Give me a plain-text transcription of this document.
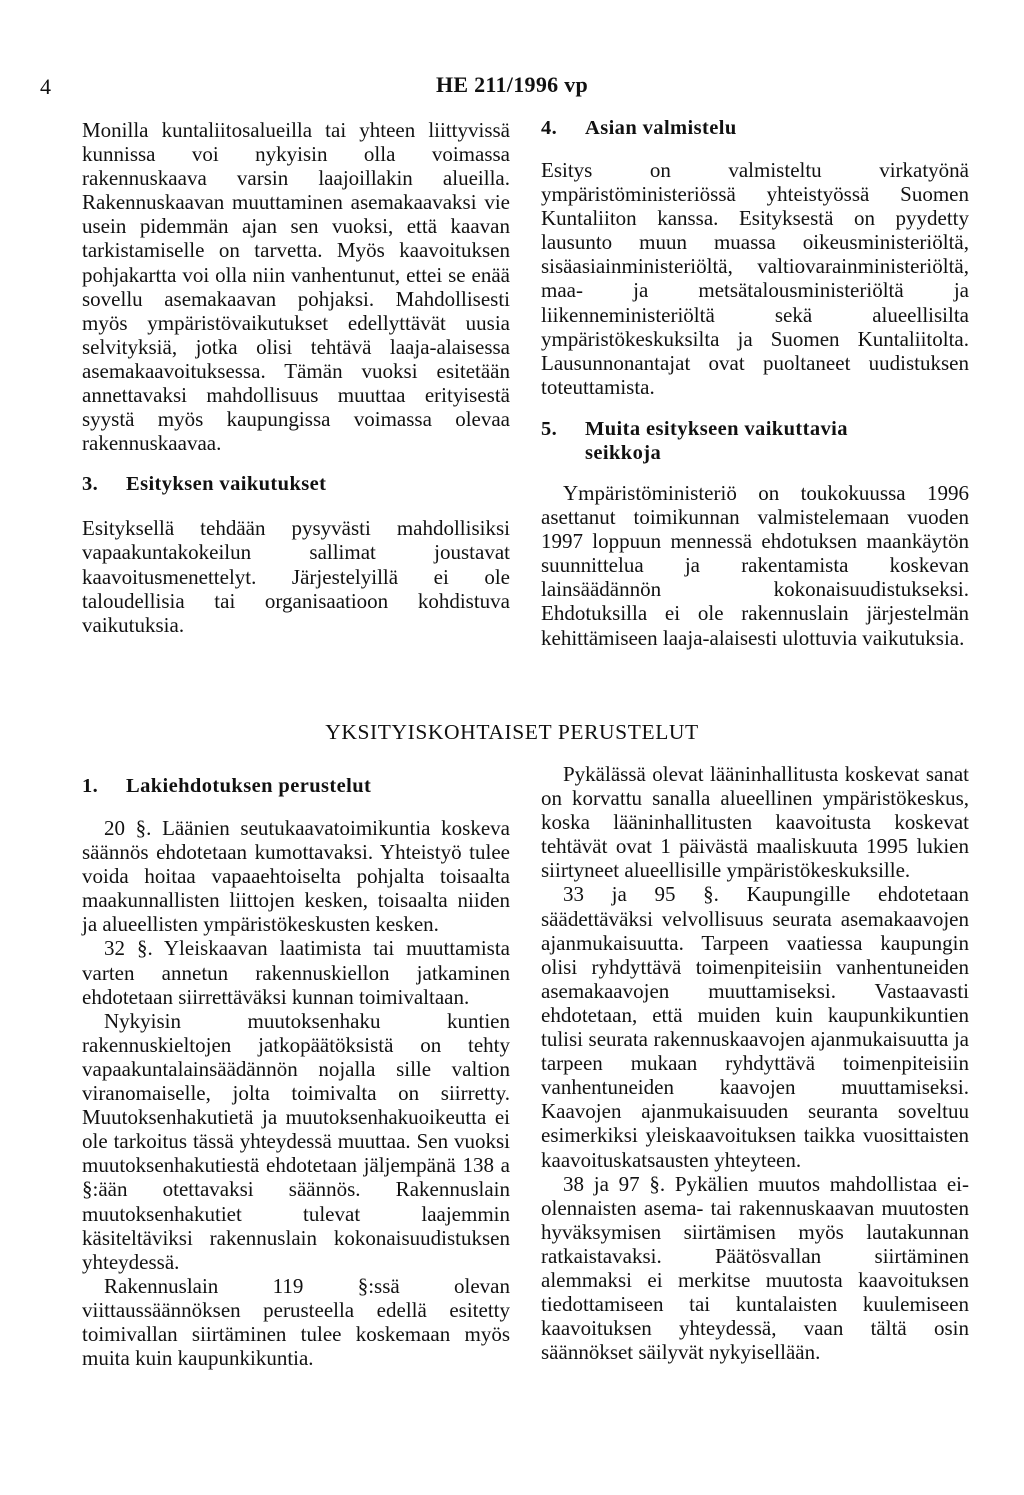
4	HE 211/1996 vp

Monilla kuntaliitosalueilla tai yhteen liittyvissä kunnissa voi nykyisin olla voimassa rakennuskaava varsin laajoillakin alueilla. Rakennuskaavan muuttaminen asemakaavaksi vie usein pidemmän ajan sen vuoksi, että kaavan tarkistamiselle on tarvetta. Myös kaavoituksen pohjakartta voi olla niin vanhentunut, ettei se enää sovellu asemakaavan pohjaksi. Mahdollisesti myös ympäristövaikutukset edellyttävät uusia selvityksiä, jotka olisi tehtävä laaja-alaisessa asemakaavoituksessa. Tämän vuoksi esitetään annettavaksi mahdollisuus muuttaa erityisestä syystä myös kaupungissa voimassa olevaa rakennuskaavaa.

3.	Esityksen vaikutukset

Esityksellä tehdään pysyvästi mahdollisiksi vapaakuntakokeilun sallimat joustavat kaavoitusmenettelyt. Järjestelyillä ei ole taloudellisia tai organisaatioon kohdistuva vaikutuksia.

4.	Asian valmistelu

Esitys on valmisteltu virkatyönä ympäristöministeriössä yhteistyössä Suomen Kuntaliiton kanssa. Esityksestä on pyydetty lausunto muun muassa oikeusministeriöltä, sisäasiainministeriöltä, valtiovarainministeriöltä, maa- ja metsätalousministeriöltä ja liikenneministeriöltä sekä alueellisilta ympäristökeskuksilta ja Suomen Kuntaliitolta. Lausunnonantajat ovat puoltaneet uudistuksen toteuttamista.

5.	Muita esitykseen vaikuttavia seikkoja

Ympäristöministeriö on toukokuussa 1996 asettanut toimikunnan valmistelemaan vuoden 1997 loppuun mennessä ehdotuksen maankäytön suunnittelua ja rakentamista koskevan lainsäädännön kokonaisuudistukseksi. Ehdotuksilla ei ole rakennuslain järjestelmän kehittämiseen laaja-alaisesti ulottuvia vaikutuksia.

YKSITYISKOHTAISET PERUSTELUT
1.	Lakiehdotuksen perustelut

20 §. Läänien seutukaavatoimikuntia koskeva säännös ehdotetaan kumottavaksi. Yhteistyö tulee voida hoitaa vapaaehtoiselta pohjalta toisaalta maakunnallisten liittojen kesken, toisaalta niiden ja alueellisten ympäristökeskusten kesken.

32 §. Yleiskaavan laatimista tai muuttamista varten annetun rakennuskiellon jatkaminen ehdotetaan siirrettäväksi kunnan toimivaltaan.

Nykyisin muutoksenhaku kuntien rakennuskieltojen jatkopäätöksistä on tehty vapaakuntalainsäädännön nojalla sille valtion viranomaiselle, jolta toimivalta on siirretty. Muutoksenhakutietä ja muutoksenhakuoikeutta ei ole tarkoitus tässä yhteydessä muuttaa. Sen vuoksi muutoksenhakutiestä ehdotetaan jäljempänä 138 a §:ään otettavaksi säännös. Rakennuslain muutoksenhakutiet tulevat laajemmin käsiteltäviksi rakennuslain kokonaisuudistuksen yhteydessä.

Rakennuslain 119 §:ssä olevan viittaussäännöksen perusteella edellä esitetty toimivallan siirtäminen tulee koskemaan myös muita kuin kaupunkikuntia.

Pykälässä olevat lääninhallitusta koskevat sanat on korvattu sanalla alueellinen ympäristökeskus, koska lääninhallitusten kaavoitusta koskevat tehtävät ovat 1 päivästä maaliskuuta 1995 lukien siirtyneet alueellisille ympäristökeskuksille.

33 ja 95 §. Kaupungille ehdotetaan säädettäväksi velvollisuus seurata asemakaavojen ajanmukaisuutta. Tarpeen vaatiessa kaupungin olisi ryhdyttävä toimenpiteisiin vanhentuneiden asemakaavojen muuttamiseksi. Vastaavasti ehdotetaan, että muiden kuin kaupunkikuntien tulisi seurata rakennuskaavojen ajanmukaisuutta ja tarpeen mukaan ryhdyttävä toimenpiteisiin vanhentuneiden kaavojen muuttamiseksi. Kaavojen ajanmukaisuuden seuranta soveltuu esimerkiksi yleiskaavoituksen taikka vuosittaisten kaavoituskatsausten yhteyteen.

38 ja 97 §. Pykälien muutos mahdollistaa ei-olennaisten asema- tai rakennuskaavan muutosten hyväksymisen siirtämisen myös lautakunnan ratkaistavaksi. Päätösvallan siirtäminen alemmaksi ei merkitse muutosta kaavoituksen tiedottamiseen tai kuntalaisten kuulemiseen kaavoituksen yhteydessä, vaan tältä osin säännökset säilyvät nykyisellään.
